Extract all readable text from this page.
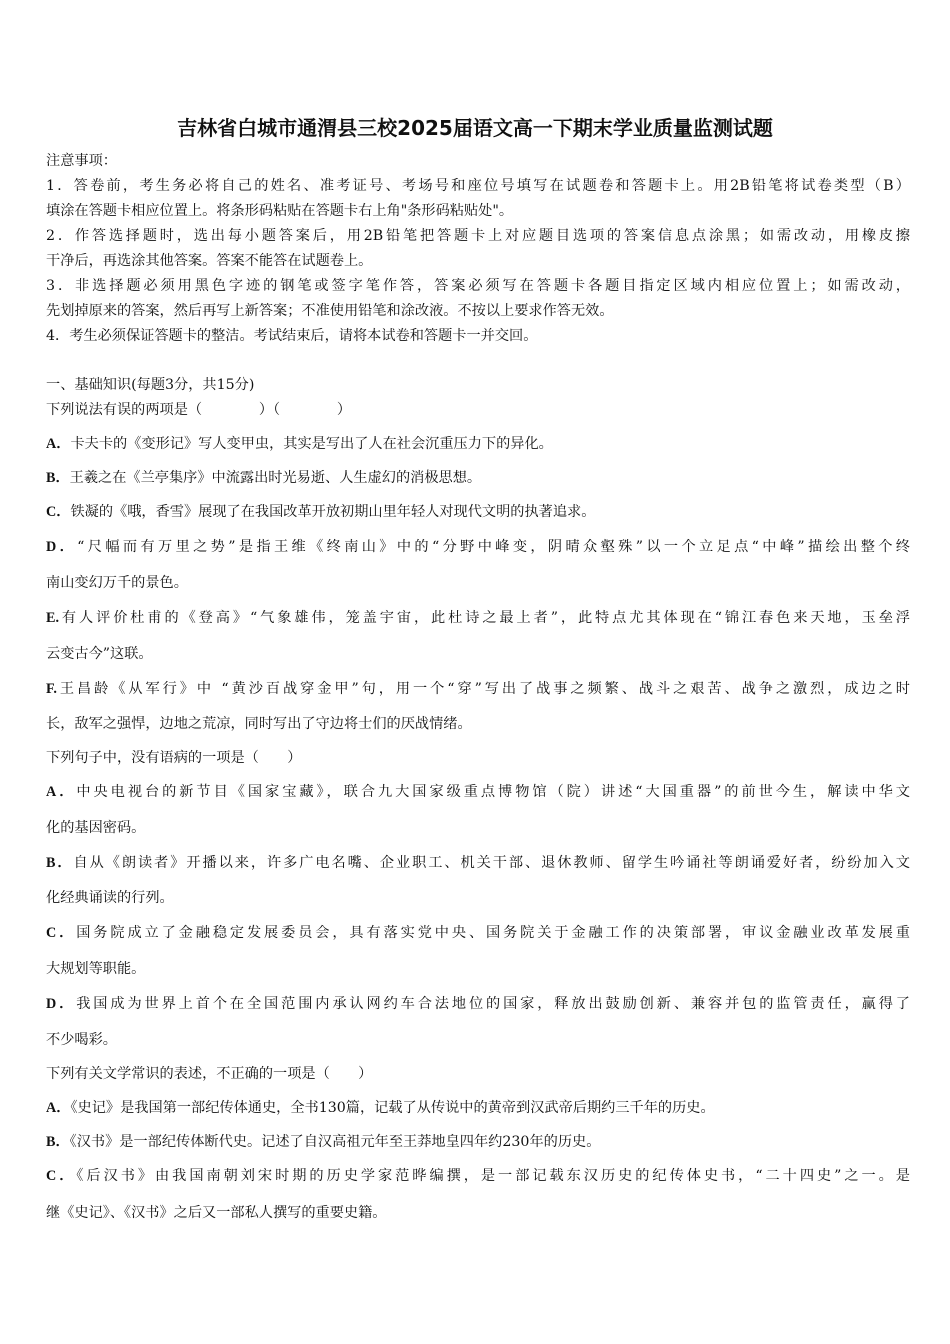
吉林省白城市通渭县三校2025届语文高一下期末学业质量监测试题
注意事项：
1．答卷前，考生务必将自己的姓名、准考证号、考场号和座位号填写在试题卷和答题卡上。用2B铅笔将试卷类型（B）
填涂在答题卡相应位置上。将条形码粘贴在答题卡右上角"条形码粘贴处"。
2．作答选择题时，选出每小题答案后，用2B铅笔把答题卡上对应题目选项的答案信息点涂黑；如需改动，用橡皮擦
干净后，再选涂其他答案。答案不能答在试题卷上。
3．非选择题必须用黑色字迹的钢笔或签字笔作答，答案必须写在答题卡各题目指定区域内相应位置上；如需改动，
先划掉原来的答案，然后再写上新答案；不准使用铅笔和涂改液。不按以上要求作答无效。
4．考生必须保证答题卡的整洁。考试结束后，请将本试卷和答题卡一并交回。
一、基础知识(每题3分，共15分)
下列说法有误的两项是（　　　　）（　　　　）
A．卡夫卡的《变形记》写人变甲虫，其实是写出了人在社会沉重压力下的异化。
B．王羲之在《兰亭集序》中流露出时光易逝、人生虚幻的消极思想。
C．铁凝的《哦，香雪》展现了在我国改革开放初期山里年轻人对现代文明的执著追求。
D．“尺幅而有万里之势”是指王维《终南山》中的“分野中峰变，阴晴众壑殊”以一个立足点“中峰”描绘出整个终
南山变幻万千的景色。
E.有人评价杜甫的《登高》“气象雄伟，笼盖宇宙，此杜诗之最上者”，此特点尤其体现在“锦江春色来天地，玉垒浮
云变古今”这联。
F.王昌龄《从军行》中 “黄沙百战穿金甲”句，用一个“穿”写出了战事之频繁、战斗之艰苦、战争之激烈，成边之时
长，敌军之强悍，边地之荒凉，同时写出了守边将士们的厌战情绪。
下列句子中，没有语病的一项是（　　）
A．中央电视台的新节目《国家宝藏》，联合九大国家级重点博物馆（院）讲述“大国重器”的前世今生，解读中华文
化的基因密码。
B．自从《朗读者》开播以来，许多广电名嘴、企业职工、机关干部、退休教师、留学生吟诵社等朗诵爱好者，纷纷加入文
化经典诵读的行列。
C．国务院成立了金融稳定发展委员会，具有落实党中央、国务院关于金融工作的决策部署，审议金融业改革发展重
大规划等职能。
D．我国成为世界上首个在全国范围内承认网约车合法地位的国家，释放出鼓励创新、兼容并包的监管责任，赢得了
不少喝彩。
下列有关文学常识的表述，不正确的一项是（　　）
A．《史记》是我国第一部纪传体通史，全书130篇，记载了从传说中的黄帝到汉武帝后期约三千年的历史。
B．《汉书》是一部纪传体断代史。记述了自汉高祖元年至王莽地皇四年约230年的历史。
C．《后汉书》由我国南朝刘宋时期的历史学家范晔编撰，是一部记载东汉历史的纪传体史书，“二十四史”之一。是
继《史记》、《汉书》之后又一部私人撰写的重要史籍。
